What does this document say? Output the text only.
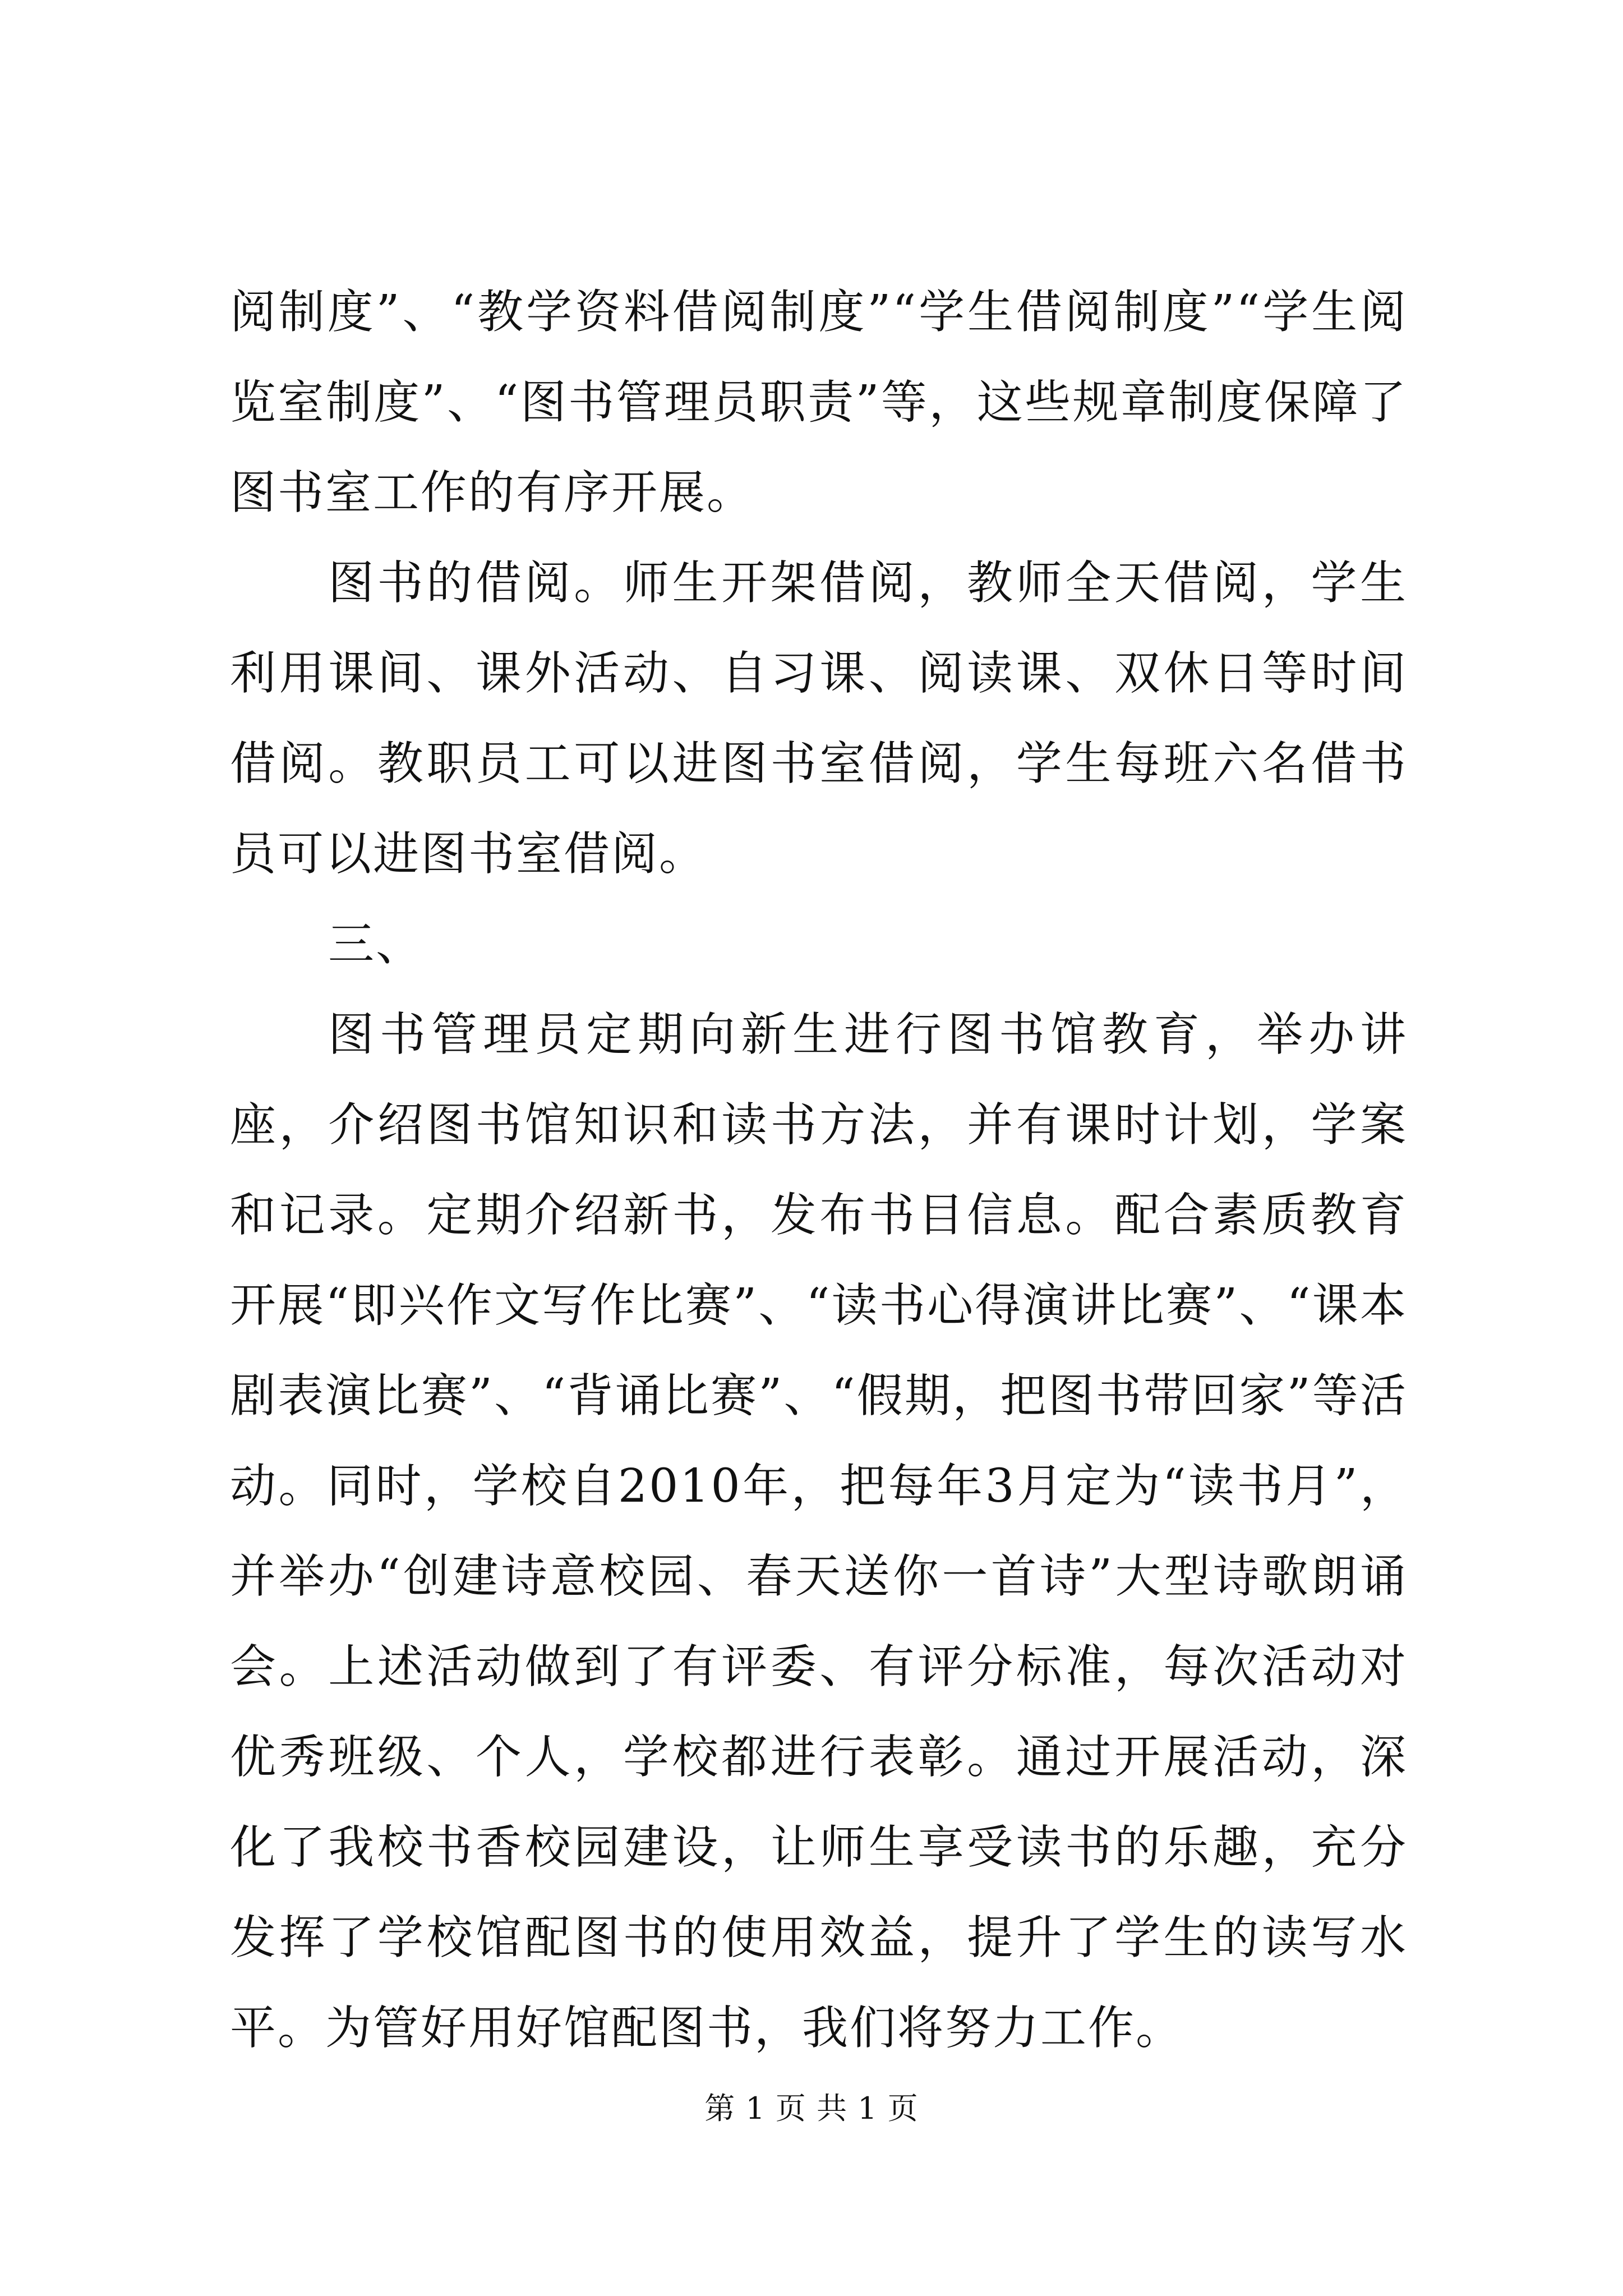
阅制度”、“教学资料借阅制度”“学生借阅制度”“学生阅览室制度”、“图书管理员职责”等，这些规章制度保障了图书室工作的有序开展。

图书的借阅。师生开架借阅，教师全天借阅，学生利用课间、课外活动、自习课、阅读课、双休日等时间借阅。教职员工可以进图书室借阅，学生每班六名借书员可以进图书室借阅。

三、

图书管理员定期向新生进行图书馆教育，举办讲座，介绍图书馆知识和读书方法，并有课时计划，学案和记录。定期介绍新书，发布书目信息。配合素质教育开展“即兴作文写作比赛”、“读书心得演讲比赛”、“课本剧表演比赛”、“背诵比赛”、“假期，把图书带回家”等活动。同时，学校自2010年，把每年3月定为“读书月”，并举办“创建诗意校园、春天送你一首诗”大型诗歌朗诵会。上述活动做到了有评委、有评分标准，每次活动对优秀班级、个人，学校都进行表彰。通过开展活动，深化了我校书香校园建设，让师生享受读书的乐趣，充分发挥了学校馆配图书的使用效益，提升了学生的读写水平。为管好用好馆配图书，我们将努力工作。

第 1 页 共 1 页
